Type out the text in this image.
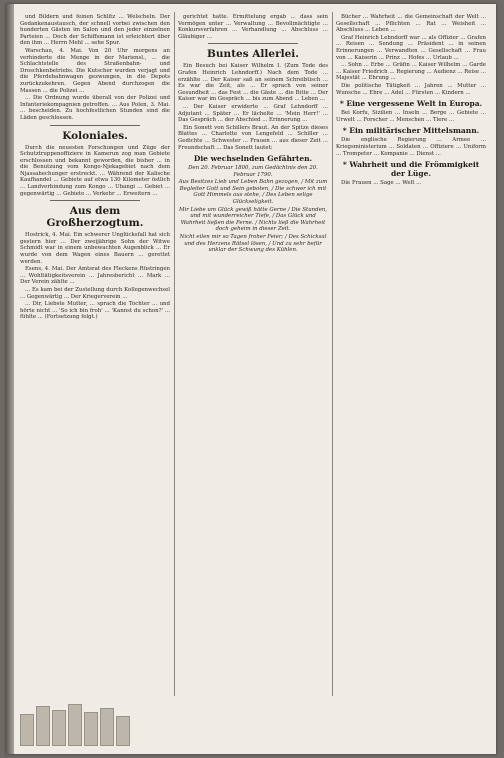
und Bildern und feinen Schlitz ... Welscheln. Der Gedankenaustausch, der schnell vorbei zwischen den hunderten Gästen im Salon und den jeder einzelnen Parteien ... Doch der Schiffsmann ist erleichtert über den ihm ... Herrn Mehl ... sehe Spur.

Warschau, 4. Mai. Von 20 Uhr morgens an verhinderte die Menge in der Mariensl., ... die Schlachtstelle des Straßenbahn- und Droschkenbetriebs. Die Kutscher wurden verjagt und die Pferdebahnwagen gezwungen, in die Depots zurückzukehren. Gegen Abend durchzogen die Massen ... die Polizei ...

... Die Ordnung wurde überall von der Polizei und Infanteriekompagnien getroffen. ... Aus Polen, 3. Mai. ... bescheiden. Zu hochfestlichen Stunden sind die Läden geschlossen.

Koloniales.

Durch die neuesten Forschungen und Züge der Schutztruppenoffiziere in Kamerun zog man Gebiete erschlossen und bekannt geworden, die bisher ... in die Benutzung vom Kongo-Njekagebiet nach dem Njassahechunger erstreckt. ... Während der Kalische Kaufhandel ... Gebiete auf etwa 130 Kilometer östlich ... Landverbindung zum Kongo ... Ubangi ... Gebiet ... gegenwärtig ... Gebiete ... Verkehr ... Erweitern ...

Aus dem Großherzogtum.

Hostrick, 4. Mai. Ein schwerer Unglücksfall hat sich gestern hier ... Der zweijährige Sohn der Witwe Schmidt war in einem unbewachten Augenblick ... Er wurde von dem Wagen eines Bauern ... gerettet werden.

Esens, 4. Mai. Der Amtsrat des Fleckens Rüstringen ... Wohltätigkeitsverein ... Jahresbericht ... Mark ... Der Verein zählte ...

... Es kam bei der Zustellung durch Kollegenwechsel ... Gegenwärtig ... Der Kriegerverein ...

... Dir, Liebste Mutter, ... sprach die Tochter ... und hörte nicht ... 'So ich bin froh' ... 'Kannst du schon?' ... fühlte ... (Fortsetzung folgt.)

gerichtet hatte. Ermittelung ergab ... dass sein Vermögen unter ... Verwaltung ... Bevollmächtigte ... Konkursverfahren ... Verhandlung ... Abschluss ... Gläubiger ...

Buntes Allerlei.

Ein Besuch bei Kaiser Wilhelm I. (Zum Tode des Grafen Heinrich Lehndorff.) Nach dem Tode ... erzählte ... Der Kaiser saß an seinem Schreibtisch ... Es war die Zeit, als ... Er sprach von seiner Gesundheit ... das Fest ... die Gäste ... die Bitte ... Der Kaiser war im Gespräch ... bis zum Abend ... Leben ...

... Der Kaiser erwiderte ... Graf Lehndorff ... Adjutant ... Später ... Er lächelte ... 'Mein Herr!' ... Das Gespräch ... der Abschied ... Erinnerung ...

Ein Sonett von Schillers Braut. An der Spitze dieses Blattes ... Charlotte von Lengefeld ... Schiller ... Gedichte ... Schwester ... Frauen ... aus dieser Zeit ... Freundschaft ... Das Sonett lautet:

Die wechselnden Gefährten.

Den 20. Februar 1800, zum Gedächtnis den 20. Februar 1790.

Aus Besitzes Lieb und Leben Bahn gezogen, / Mit zum Begleiter Gott und Sein geboten, / Die schwer ich mit Gott Himmels aus stehe, / Des Leben selige Glückseligkeit.

Mir Liebe um Glück gewiß hätte Gerne / Die Stunden, und mit wunderreicher Tiefe, / Das Glück und Wahrheit ließen die Ferne. / Nichts ließ die Wahrheit doch geheim in dieser Zeit.

Nicht eilen mir so Tagen froher Feier; / Des Schicksal und des Herzens Rätsel lösen, / Und zu sehr befür unklar der Schwung des Kühlen.

Bücher ... Wahrheit ... die Gemeinschaft der Welt ... Gesellschaft ... Pflichten ... Rat ... Weisheit ... Abschluss ... Leben ...

Graf Heinrich Lehndorff war ... als Offizier ... Grafen ... Reisen ... Sendung ... Präsident ... in seinen Erinnerungen ... Verwandten ... Gesellschaft ... Frau von ... Kaiserin ... Prinz ... Hofes ... Urlaub ...

... Sohn ... Erbe ... Gräfin ... Kaiser Wilhelm ... Garde ... Kaiser Friedrich ... Regierung ... Audienz ... Reise ... Majestät ... Ehrung ...

Die politische Tätigkeit ... Jahren ... Mutter ... Wunsche ... Ehre ... Adel ... Fürsten ... Kindern ...

* Eine vergessene Welt in Europa.

Bei Korfu, Sizilien ... Inseln ... Berge ... Gebiete ... Urwelt ... Forscher ... Menschen ... Tiere ...

* Ein militärischer Mittelsmann.

Die englische Regierung ... Armee ... Kriegsministerium ... Soldaten ... Offiziere ... Uniform ... Trompeter ... Kompanie ... Dienst ...

* Wahrheit und die Frömmigkeit der Lüge.

Die Frauen ... Sage ... Welt ...
